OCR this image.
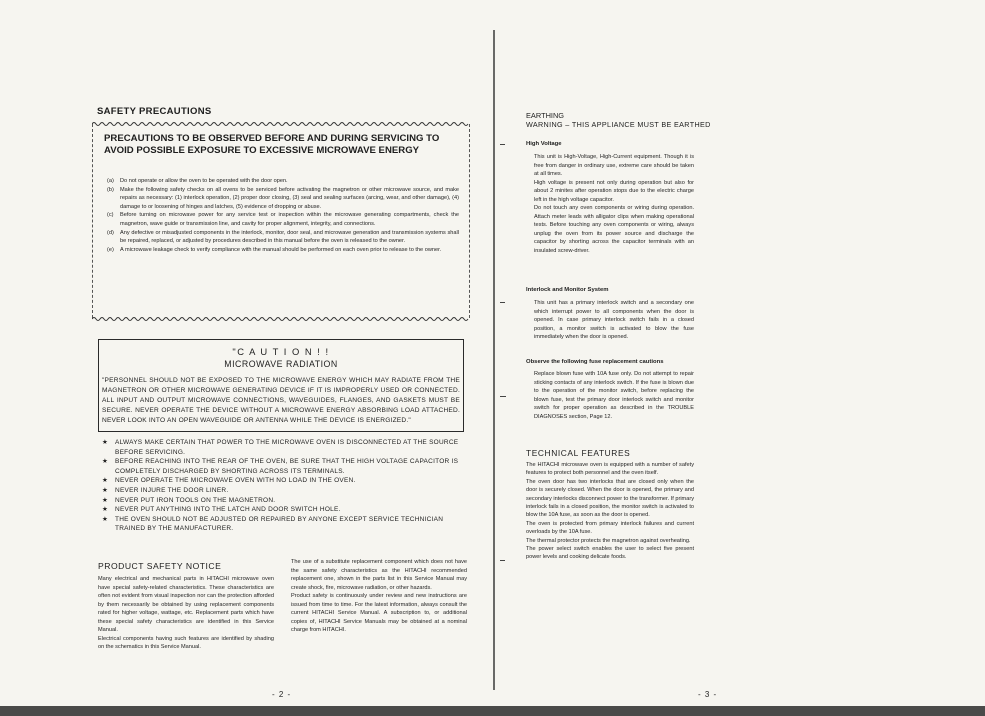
SAFETY PRECAUTIONS
PRECAUTIONS TO BE OBSERVED BEFORE AND DURING SERVICING TO AVOID POSSIBLE EXPOSURE TO EXCESSIVE MICROWAVE ENERGY
(a)	Do not operate or allow the oven to be operated with the door open.
(b)	Make the following safety checks on all ovens to be serviced before activating the magnetron or other microwave source, and make repairs as necessary: (1) interlock operation, (2) proper door closing, (3) seal and sealing surfaces (arcing, wear, and other damage), (4) damage to or loosening of hinges and latches, (5) evidence of dropping or abuse.
(c)	Before turning on microwave power for any service test or inspection within the microwave generating compartments, check the magnetron, wave guide or transmission line, and cavity for proper alignment, integrity, and connections.
(d)	Any defective or misadjusted components in the interlock, monitor, door seal, and microwave generation and transmission systems shall be repaired, replaced, or adjusted by procedures described in this manual before the oven is released to the owner.
(e)	A microwave leakage check to verify compliance with the manual should be performed on each oven prior to release to the owner.
"C A U T I O N ! !
MICROWAVE RADIATION
"PERSONNEL SHOULD NOT BE EXPOSED TO THE MICROWAVE ENERGY WHICH MAY RADIATE FROM THE MAGNETRON OR OTHER MICROWAVE GENERATING DEVICE IF IT IS IMPROPERLY USED OR CONNECTED. ALL INPUT AND OUTPUT MICROWAVE CONNECTIONS, WAVEGUIDES, FLANGES, AND GASKETS MUST BE SECURE. NEVER OPERATE THE DEVICE WITHOUT A MICROWAVE ENERGY ABSORBING LOAD ATTACHED. NEVER LOOK INTO AN OPEN WAVEGUIDE OR ANTENNA WHILE THE DEVICE IS ENERGIZED."
★	ALWAYS MAKE CERTAIN THAT POWER TO THE MICROWAVE OVEN IS DISCONNECTED AT THE SOURCE BEFORE SERVICING.
★	BEFORE REACHING INTO THE REAR OF THE OVEN, BE SURE THAT THE HIGH VOLTAGE CAPACITOR IS COMPLETELY DISCHARGED BY SHORTING ACROSS ITS TERMINALS.
★	NEVER OPERATE THE MICROWAVE OVEN WITH NO LOAD IN THE OVEN.
★	NEVER INJURE THE DOOR LINER.
★	NEVER PUT IRON TOOLS ON THE MAGNETRON.
★	NEVER PUT ANYTHING INTO THE LATCH AND DOOR SWITCH HOLE.
★	THE OVEN SHOULD NOT BE ADJUSTED OR REPAIRED BY ANYONE EXCEPT SERVICE TECHNICIAN TRAINED BY THE MANUFACTURER.
PRODUCT SAFETY NOTICE
Many electrical and mechanical parts in HITACHI microwave oven have special safety-related characteristics. These characteristics are often not evident from visual inspection nor can the protection afforded by them necessarily be obtained by using replacement components rated for higher voltage, wattage, etc. Replacement parts which have these special safety characteristics are identified in this Service Manual.
Electrical components having such features are identified by shading on the schematics in this Service Manual.
The use of a substitute replacement component which does not have the same safety characteristics as the HITACHI recommended replacement one, shown in the parts list in this Service Manual may create shock, fire, microwave radiation, or other hazards.
Product safety is continuously under review and new instructions are issued from time to time. For the latest information, always consult the current HITACHI Service Manual. A subscription to, or additional copies of, HITACHI Service Manuals may be obtained at a nominal charge from HITACHI.
- 2 -
EARTHING
WARNING – THIS APPLIANCE MUST BE EARTHED
High Voltage
This unit is High-Voltage, High-Current equipment. Though it is free from danger in ordinary use, extreme care should be taken at all times.
High voltage is present not only during operation but also for about 2 minites after operation stops due to the electric charge left in the high voltage capacitor.
Do not touch any oven components or wiring during operation. Attach meter leads with alligator clips when making operational tests. Before touching any oven components or wiring, always unplug the oven from its power source and discharge the capacitor by shorting across the capacitor terminals with an insulated screw-driver.
Interlock and Monitor System
This unit has a primary interlock switch and a secondary one which interrupt power to all components when the door is opened. In case primary interlock switch fails in a closed position, a monitor switch is activated to blow the fuse immediately when the door is opened.
Observe the following fuse replacement cautions
Replace blown fuse with 10A fuse only. Do not attempt to repair sticking contacts of any interlock switch. If the fuse is blown due to the operation of the monitor switch, before replacing the blown fuse, test the primary door interlock switch and monitor switch for proper operation as described in the TROUBLE DIAGNOSES section, Page 12.
TECHNICAL FEATURES
The HITACHI microwave oven is equipped with a number of safety features to protect both personnel and the oven itself.
The oven door has two interlocks that are closed only when the door is securely closed. When the door is opened, the primary and secondary interlocks disconnect power to the transformer. If primary interlock fails in a closed position, the monitor switch is activated to blow the 10A fuse, as soon as the door is opened.
The oven is protected from primary interlock failures and current overloads by the 10A fuse.
The thermal protector protects the magnetron against overheating.
The power select switch enables the user to select five present power levels and cooking delicate foods.
- 3 -
